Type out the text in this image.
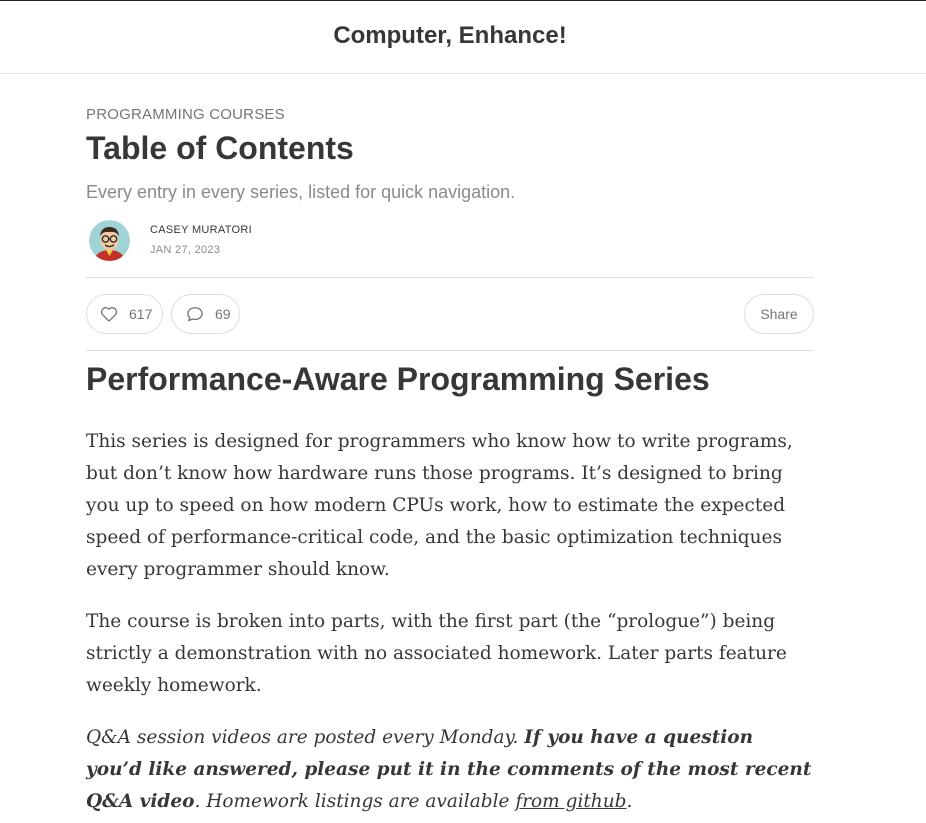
Computer, Enhance!
PROGRAMMING COURSES
Table of Contents
Every entry in every series, listed for quick navigation.
CASEY MURATORI
JAN 27, 2023
617	69	Share
Performance-Aware Programming Series

This series is designed for programmers who know how to write programs, but don’t know how hardware runs those programs. It’s designed to bring you up to speed on how modern CPUs work, how to estimate the expected speed of performance-critical code, and the basic optimization techniques every programmer should know.

The course is broken into parts, with the first part (the “prologue”) being strictly a demonstration with no associated homework. Later parts feature weekly homework.

Q&A session videos are posted every Monday. If you have a question you’d like answered, please put it in the comments of the most recent Q&A video. Homework listings are available from github.
